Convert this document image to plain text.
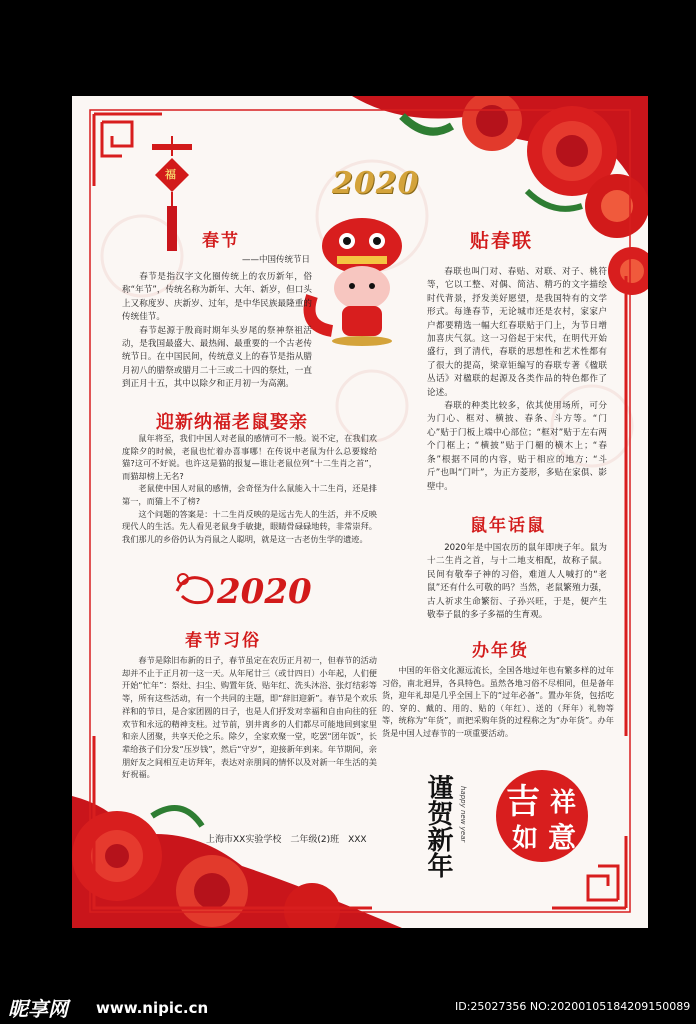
福	2020
春节
——中国传统节日

春节是指汉字文化圈传统上的农历新年，俗称“年节”，传统名称为新年、大年、新岁，但口头上又称度岁、庆新岁、过年，是中华民族最隆重的传统佳节。

春节起源于殷商时期年头岁尾的祭神祭祖活动，是我国最盛大、最热闹、最重要的一个古老传统节日。在中国民间，传统意义上的春节是指从腊月初八的腊祭或腊月二十三或二十四的祭灶，一直到正月十五，其中以除夕和正月初一为高潮。

贴春联

春联也叫门对、春贴、对联、对子、桃符等，它以工整、对偶、简洁、精巧的文字描绘时代背景，抒发美好愿望，是我国特有的文学形式。每逢春节，无论城市还是农村，家家户户都要精选一幅大红春联贴于门上，为节日增加喜庆气氛。这一习俗起于宋代，在明代开始盛行，到了清代，春联的思想性和艺术性都有了很大的提高，梁章钜编写的春联专著《楹联丛话》对楹联的起源及各类作品的特色都作了论述。

春联的种类比较多，依其使用场所，可分为门心、框对、横披、春条、斗方等。“门心”贴于门板上端中心部位；“框对”贴于左右两个门框上；“横披”贴于门楣的横木上；“春条”根据不同的内容，贴于相应的地方；“斗斤”也叫“门叶”，为正方菱形，多贴在家俱、影壁中。

迎新纳福老鼠娶亲

鼠年将至，我们中国人对老鼠的感情可不一般。说不定，在我们欢度除夕的时候，老鼠也忙着办喜事哪！在传说中老鼠为什么总要嫁给猫?这可不好说。也许这是猫的报复—谁让老鼠位列“十二生肖之首”，而猫却榜上无名?

老鼠使中国人对鼠的感情，会奇怪为什么鼠能入十二生肖，还是排第一，而猫上不了榜?

这个问题的答案是：十二生肖反映的是远古先人的生活，并不反映现代人的生活。先人看见老鼠身手敏捷，眼睛骨碌碌地转，非常崇拜。我们那儿的乡俗仍认为肖鼠之人聪明，就是这一古老仿生学的遗迹。

2020
鼠年话鼠

2020年是中国农历的鼠年即庚子年。鼠为十二生肖之首，与十二地支相配，故称子鼠。民间有敬奉子神的习俗，难道人人喊打的“老鼠”还有什么可敬的吗？当然，老鼠繁殖力强，古人祈求生命繁衍、子孙兴旺，于是，便产生敬奉子鼠的多子多福的生育观。

春节习俗

春节是除旧布新的日子，春节虽定在农历正月初一，但春节的活动却并不止于正月初一这一天。从年尾廿三（或廿四日）小年起，人们便开始“忙年”：祭灶、扫尘、购置年货、贴年红、洗头沐浴、张灯结彩等等，所有这些活动，有一个共同的主题，即“辞旧迎新”。春节是个欢乐祥和的节日，是合家团圆的日子，也是人们抒发对幸福和自由向往的狂欢节和永远的精神支柱。过节前，别井离乡的人们都尽可能地回到家里和亲人团聚，共享天伦之乐。除夕，全家欢聚一堂，吃罢“团年饭”，长辈给孩子们分发“压岁钱”，然后“守岁”，迎接新年到来。年节期间，亲朋好友之间相互走访拜年，表达对亲朋间的情怀以及对新一年生活的美好祝福。

办年货

中国的年俗文化源远流长，全国各地过年也有繁多样的过年习俗，南北迥异，各具特色。虽然各地习俗不尽相同，但是备年货，迎年礼却是几乎全国上下的“过年必备”。置办年货，包括吃的、穿的、戴的、用的、贴的（年红）、送的（拜年）礼物等等，统称为“年货”，而把采购年货的过程称之为“办年货”。办年货是中国人过春节的一项重要活动。

上海市XX实验学校　二年级(2)班　XXX 谨贺新年 happy new year 吉 祥
如 意
昵享网 www.nipic.cn	ID:25027356 NO:20200105184209150089
